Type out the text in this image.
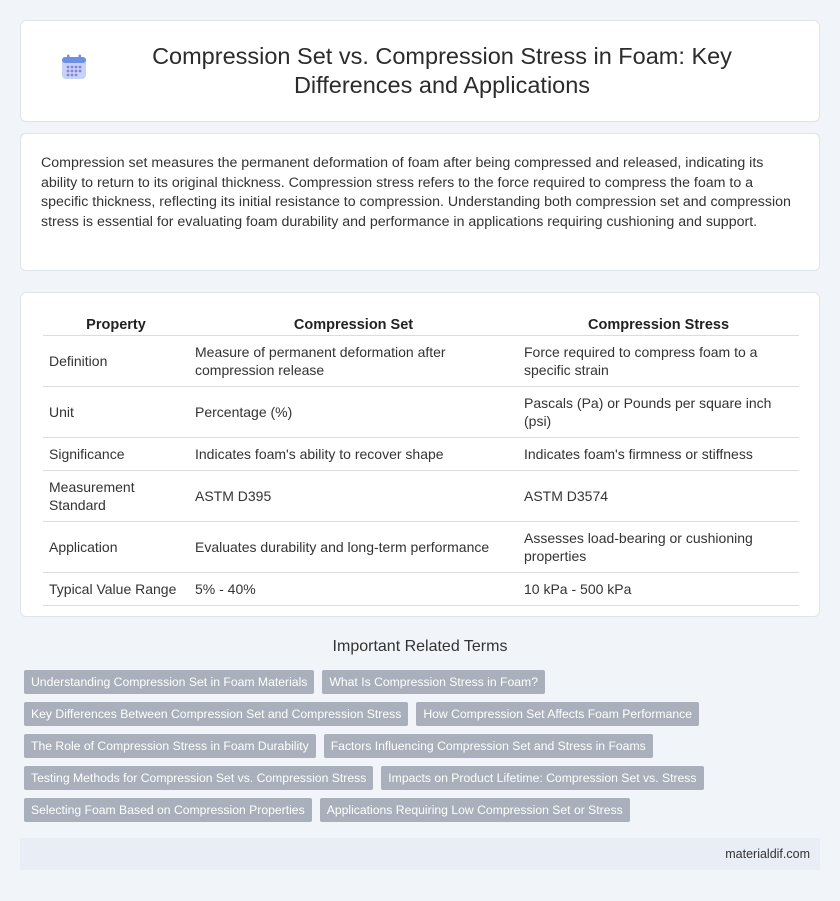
Compression Set vs. Compression Stress in Foam: Key Differences and Applications

Compression set measures the permanent deformation of foam after being compressed and released, indicating its ability to return to its original thickness. Compression stress refers to the force required to compress the foam to a specific thickness, reflecting its initial resistance to compression. Understanding both compression set and compression stress is essential for evaluating foam durability and performance in applications requiring cushioning and support.

Property	Compression Set	Compression Stress
Definition	Measure of permanent deformation after compression release	Force required to compress foam to a specific strain
Unit	Percentage (%)	Pascals (Pa) or Pounds per square inch (psi)
Significance	Indicates foam's ability to recover shape	Indicates foam's firmness or stiffness
Measurement Standard	ASTM D395	ASTM D3574
Application	Evaluates durability and long-term performance	Assesses load-bearing or cushioning properties
Typical Value Range	5% - 40%	10 kPa - 500 kPa
Important Related Terms
Understanding Compression Set in Foam Materials	What Is Compression Stress in Foam?
Key Differences Between Compression Set and Compression Stress	How Compression Set Affects Foam Performance
The Role of Compression Stress in Foam Durability	Factors Influencing Compression Set and Stress in Foams
Testing Methods for Compression Set vs. Compression Stress	Impacts on Product Lifetime: Compression Set vs. Stress
Selecting Foam Based on Compression Properties	Applications Requiring Low Compression Set or Stress
materialdif.com
